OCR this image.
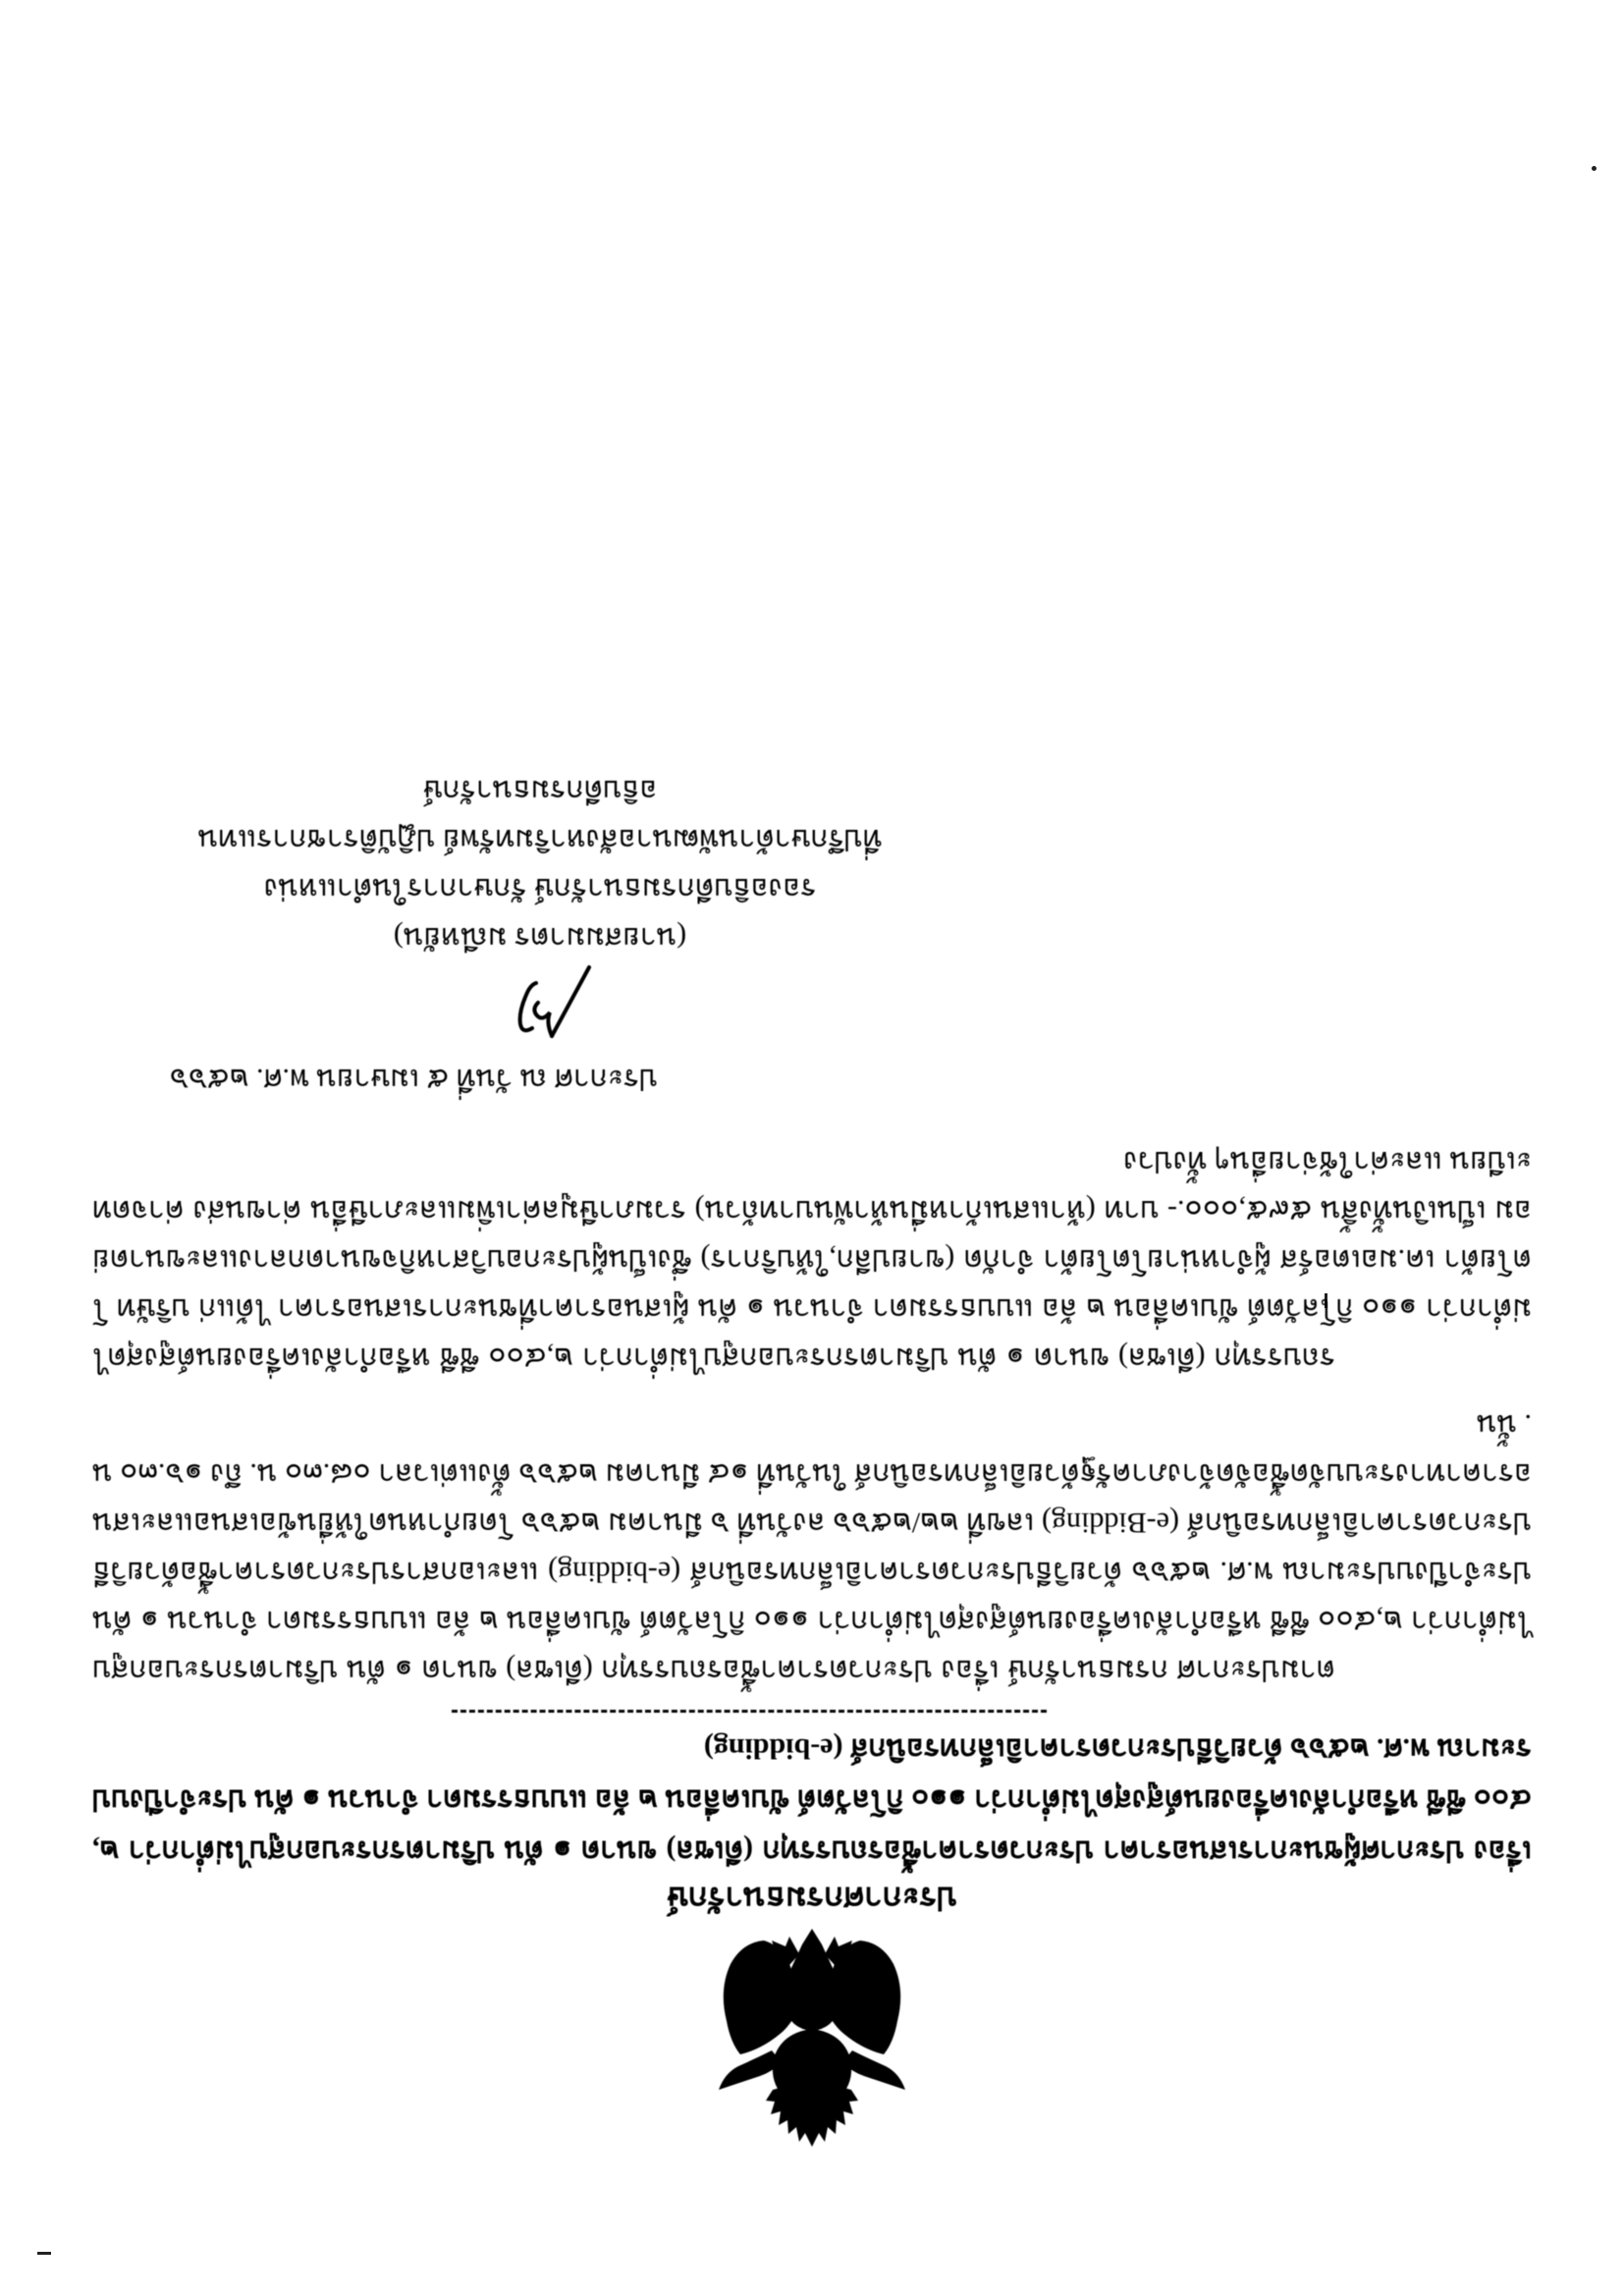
ประกาศกรมธนารักษ์
เรื่อง ประกาศผู้ชนะการเสนอราคา ประกวดราคาซื้อรถบรรทุก (ดีเซล) ขนาด ๑ ตัน ปริมาตรกระบอกสูบไม่ต่ำกว่า ๒,๔๐๐ ซีซี หรือกำลังเครื่องยนต์สูงสุดไม่ต่ำกว่า ๑๑๐ กิโลวัตต์ ขับเคลื่อน ๒ ล้อ แบบธรรมดา จำนวน ๑ คัน ประจำปีงบประมาณ พ.ศ. ๒๕๖๖ ด้วยวิธีประกวดราคาอิเล็กทรอนิกส์ (e-bidding)

ตามประกาศ กรมธนารักษ์ เรื่อง ประกวดราคาซื้อรถบรรทุก (ดีเซล) ขนาด ๑ ตัน ปริมาตรกระบอกสูบไม่ต่ำกว่า ๒,๔๐๐ ซีซี หรือกำลังเครื่องยนต์สูงสุดไม่ต่ำกว่า ๑๑๐ กิโลวัตต์ ขับเคลื่อน ๒ ล้อ แบบธรรมดา จำนวน ๑ คัน ประจำปีงบประมาณ พ.ศ. ๒๕๖๖ ด้วยวิธีประกวดราคาอิเล็กทรอนิกส์ (e-bidding) และเอกสารประกวดราคาซื้อด้วยวิธีประกวดราคาอิเล็กทรอนิกส์ (e-Bidding) เลขที่ ๒๒/๒๕๖๖ ลงวันที่ ๖ มีนาคม ๒๕๖๖ โดยกำหนดให้ยื่นข้อเสนอและเสนอราคาทางระบบจัดซื้อจัดจ้างภาครัฐด้วยอิเล็กทรอนิกส์ ในวันที่ ๑๔ มีนาคม ๒๕๖๖ ตั้งแต่เวลา ๐๘.๓๐ น. ถึง ๑๖.๓๐ น. นั้น

รถบรรทุก (ดีเซล) ขนาด ๑ ตัน ปริมาตรกระบอกสูบไม่ต่ำกว่า ๒,๔๐๐ ซีซี หรือกำลังเครื่องยนต์สูงสุดไม่ต่ำกว่า ๑๑๐ กิโลวัตต์ ขับเคลื่อน ๒ ล้อ แบบธรรมดา จำนวน ๑ คัน ผู้เสนอราคาที่ชนะการเสนอราคา ได้แก่ บริษัท โตโยต้า เค.มอเตอร์ส ผู้จำหน่ายโตโยต้า จำกัด (ขายปลีก,ให้บริการ) ซึ่งเป็นผู้ประกอบวิสาหกิจขนาดกลางและขนาดย่อม เป็นเงินทั้งสิ้น ๕๙๕,๐๐๐.- บาท (ห้าแสนเก้าหมื่นห้าพันบาทถ้วน) รวมภาษีมูลค่าเพิ่มและภาษีอื่น ค่าขนส่ง ค่าจดทะเบียน และค่าใช้จ่ายอื่นๆ ทั้งปวง

ประกาศ ณ วันที่ ๕ เมษายน พ.ศ. ๒๕๖๖
(นายสมมาตร มณีหยัน)
รองอธิบดีกรมธนารักษ์ รักษาการในตำแหน่ง
ที่ปรึกษาด้านพัฒนาอสังหาริมทรัพย์ ปฏิบัติราชการแทน
อธิบดีกรมธนารักษ์
